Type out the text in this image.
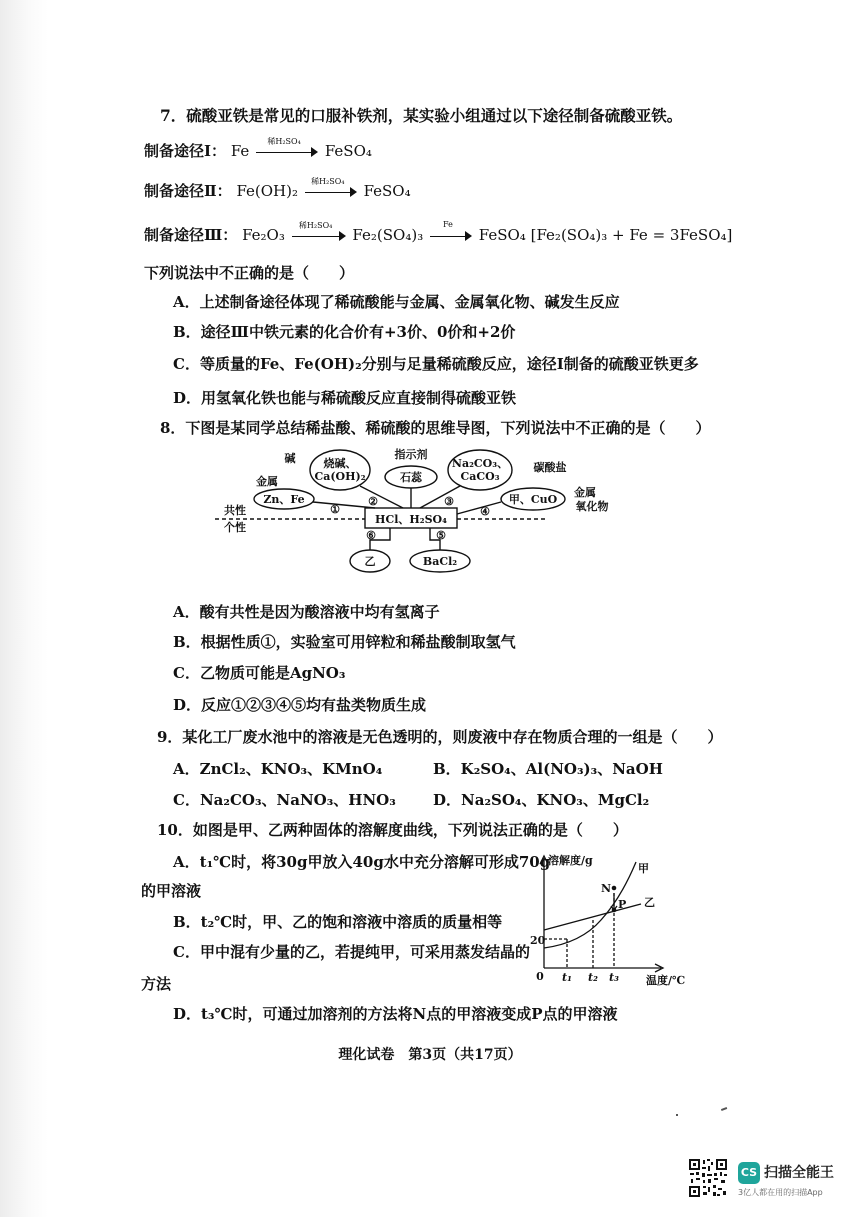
7．硫酸亚铁是常见的口服补铁剂，某实验小组通过以下途径制备硫酸亚铁。
制备途径Ⅰ： Fe
稀H₂SO₄
FeSO₄
制备途径Ⅱ： Fe(OH)₂
稀H₂SO₄
FeSO₄
制备途径Ⅲ： Fe₂O₃
稀H₂SO₄
Fe₂(SO₄)₃
Fe
FeSO₄ [Fe₂(SO₄)₃ + Fe = 3FeSO₄]
下列说法中不正确的是（　　）
A．上述制备途径体现了稀硫酸能与金属、金属氧化物、碱发生反应
B．途径Ⅲ中铁元素的化合价有+3价、0价和+2价
C．等质量的Fe、Fe(OH)₂分别与足量稀硫酸反应，途径Ⅰ制备的硫酸亚铁更多
D．用氢氧化铁也能与稀硫酸反应直接制得硫酸亚铁
8．下图是某同学总结稀盐酸、稀硫酸的思维导图，下列说法中不正确的是（　　）
HCl、H₂SO₄
碱	烧碱、
Ca(OH)₂
指示剂
石蕊
碳酸盐
Na₂CO₃、
CaCO₃
金属
Zn、Fe
金属
氧化物
甲、CuO
共性
个性
乙	BaCl₂
①
②	③
④
⑤
⑥
A．酸有共性是因为酸溶液中均有氢离子
B．根据性质①，实验室可用锌粒和稀盐酸制取氢气
C．乙物质可能是AgNO₃
D．反应①②③④⑤均有盐类物质生成
9．某化工厂废水池中的溶液是无色透明的，则废液中存在物质合理的一组是（　　）
A．ZnCl₂、KNO₃、KMnO₄	B．K₂SO₄、Al(NO₃)₃、NaOH
C．Na₂CO₃、NaNO₃、HNO₃ D．Na₂SO₄、KNO₃、MgCl₂
10．如图是甲、乙两种固体的溶解度曲线，下列说法正确的是（　　）
A．t₁℃时，将30g甲放入40g水中充分溶解可形成70g
的甲溶液
B．t₂℃时，甲、乙的饱和溶液中溶质的质量相等
C．甲中混有少量的乙，若提纯甲，可采用蒸发结晶的
方法
D．t₃℃时，可通过加溶剂的方法将N点的甲溶液变成P点的甲溶液
溶解度/g
温度/℃
0
20
t₁ t₂ t₃
甲
乙
N
P
理化试卷　第3页（共17页）
CS 扫描全能王
3亿人都在用的扫描App
